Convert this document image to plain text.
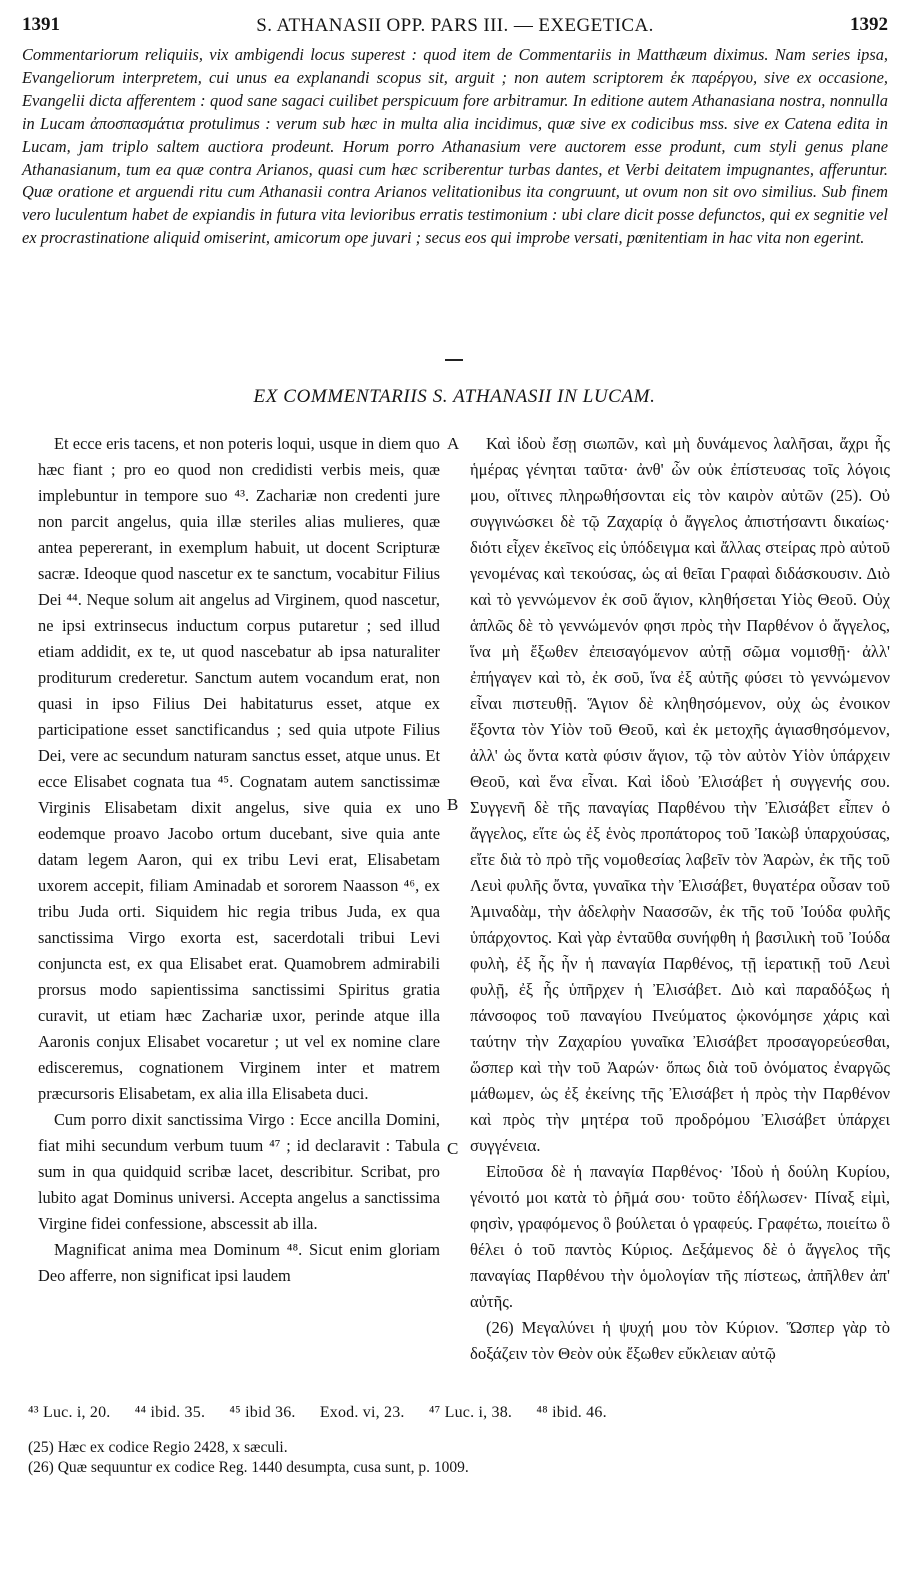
1391	S. ATHANASII OPP. PARS III. — EXEGETICA.	1392

Commentariorum reliquiis, vix ambigendi locus superest : quod item de Commentariis in Matthæum diximus. Nam series ipsa, Evangeliorum interpretem, cui unus ea explanandi scopus sit, arguit ; non autem scriptorem ἐκ παρέργου, sive ex occasione, Evangelii dicta afferentem : quod sane sagaci cuilibet perspicuum fore arbitramur. In editione autem Athanasiana nostra, nonnulla in Lucam ἀποσπασμάτια protulimus : verum sub hæc in multa alia incidimus, quæ sive ex codicibus mss. sive ex Catena edita in Lucam, jam triplo saltem auctiora prodeunt. Horum porro Athanasium vere auctorem esse produnt, cum styli genus plane Athanasianum, tum ea quæ contra Arianos, quasi cum hæc scriberentur turbas dantes, et Verbi deitatem impugnantes, afferuntur. Quæ oratione et arguendi ritu cum Athanasii contra Arianos velitationibus ita congruunt, ut ovum non sit ovo similius. Sub finem vero luculentum habet de expiandis in futura vita levioribus erratis testimonium : ubi clare dicit posse defunctos, qui ex segnitie vel ex procrastinatione aliquid omiserint, amicorum ope juvari ; secus eos qui improbe versati, pœnitentiam in hac vita non egerint.

EX COMMENTARIIS S. ATHANASII IN LUCAM.

Et ecce eris tacens, et non poteris loqui, usque in diem quo hæc fiant ; pro eo quod non credidisti verbis meis, quæ implebuntur in tempore suo ⁴³. Zachariæ non credenti jure non parcit angelus, quia illæ steriles alias mulieres, quæ antea pepererant, in exemplum habuit, ut docent Scripturæ sacræ. Ideoque quod nascetur ex te sanctum, vocabitur Filius Dei ⁴⁴. Neque solum ait angelus ad Virginem, quod nascetur, ne ipsi extrinsecus inductum corpus putaretur ; sed illud etiam addidit, ex te, ut quod nascebatur ab ipsa naturaliter proditurum crederetur. Sanctum autem vocandum erat, non quasi in ipso Filius Dei habitaturus esset, atque ex participatione esset sanctificandus ; sed quia utpote Filius Dei, vere ac secundum naturam sanctus esset, atque unus. Et ecce Elisabet cognata tua ⁴⁵. Cognatam autem sanctissimæ Virginis Elisabetam dixit angelus, sive quia ex uno eodemque proavo Jacobo ortum ducebant, sive quia ante datam legem Aaron, qui ex tribu Levi erat, Elisabetam uxorem accepit, filiam Aminadab et sororem Naasson ⁴⁶, ex tribu Juda orti. Siquidem hic regia tribus Juda, ex qua sanctissima Virgo exorta est, sacerdotali tribui Levi conjuncta est, ex qua Elisabet erat. Quamobrem admirabili prorsus modo sapientissima sanctissimi Spiritus gratia curavit, ut etiam hæc Zachariæ uxor, perinde atque illa Aaronis conjux Elisabet vocaretur ; ut vel ex nomine clare edisceremus, cognationem Virginem inter et matrem præcursoris Elisabetam, ex alia illa Elisabeta duci.

Cum porro dixit sanctissima Virgo : Ecce ancilla Domini, fiat mihi secundum verbum tuum ⁴⁷ ; id declaravit : Tabula sum in qua quidquid scribæ lacet, describitur. Scribat, pro lubito agat Dominus universi. Accepta angelus a sanctissima Virgine fidei confessione, abscessit ab illa.

Magnificat anima mea Dominum ⁴⁸. Sicut enim gloriam Deo afferre, non significat ipsi laudem

A
B
C

Καὶ ἰδοὺ ἔσῃ σιωπῶν, καὶ μὴ δυνάμενος λαλῆσαι, ἄχρι ἧς ἡμέρας γένηται ταῦτα· ἀνθ' ὧν οὐκ ἐπίστευσας τοῖς λόγοις μου, οἵτινες πληρωθήσονται εἰς τὸν καιρὸν αὐτῶν (25). Οὐ συγγινώσκει δὲ τῷ Ζαχαρίᾳ ὁ ἄγγελος ἀπιστήσαντι δικαίως· διότι εἶχεν ἐκεῖνος εἰς ὑπόδειγμα καὶ ἄλλας στείρας πρὸ αὐτοῦ γενομένας καὶ τεκούσας, ὡς αἱ θεῖαι Γραφαὶ διδάσκουσιν. Διὸ καὶ τὸ γεννώμενον ἐκ σοῦ ἅγιον, κληθήσεται Υἱὸς Θεοῦ. Οὐχ ἁπλῶς δὲ τὸ γεννώμενόν φησι πρὸς τὴν Παρθένον ὁ ἄγγελος, ἵνα μὴ ἔξωθεν ἐπεισαγόμενον αὐτῇ σῶμα νομισθῇ· ἀλλ' ἐπήγαγεν καὶ τὸ, ἐκ σοῦ, ἵνα ἐξ αὐτῆς φύσει τὸ γεννώμενον εἶναι πιστευθῇ. Ἅγιον δὲ κληθησόμενον, οὐχ ὡς ἐνοικον ἕξοντα τὸν Υἱὸν τοῦ Θεοῦ, καὶ ἐκ μετοχῆς ἁγιασθησόμενον, ἀλλ' ὡς ὄντα κατὰ φύσιν ἅγιον, τῷ τὸν αὐτὸν Υἱὸν ὑπάρχειν Θεοῦ, καὶ ἕνα εἶναι. Καὶ ἰδοὺ Ἐλισάβετ ἡ συγγενής σου. Συγγενῆ δὲ τῆς παναγίας Παρθένου τὴν Ἐλισάβετ εἶπεν ὁ ἄγγελος, εἴτε ὡς ἐξ ἑνὸς προπάτορος τοῦ Ἰακὼβ ὑπαρχούσας, εἴτε διὰ τὸ πρὸ τῆς νομοθεσίας λαβεῖν τὸν Ἀαρὼν, ἐκ τῆς τοῦ Λευὶ φυλῆς ὄντα, γυναῖκα τὴν Ἐλισάβετ, θυγατέρα οὖσαν τοῦ Ἀμιναδὰμ, τὴν ἀδελφὴν Ναασσῶν, ἐκ τῆς τοῦ Ἰούδα φυλῆς ὑπάρχοντος. Καὶ γὰρ ἐνταῦθα συνήφθη ἡ βασιλικὴ τοῦ Ἰούδα φυλὴ, ἐξ ἧς ἦν ἡ παναγία Παρθένος, τῇ ἱερατικῇ τοῦ Λευὶ φυλῇ, ἐξ ἧς ὑπῆρχεν ἡ Ἐλισάβετ. Διὸ καὶ παραδόξως ἡ πάνσοφος τοῦ παναγίου Πνεύματος ᾠκονόμησε χάρις καὶ ταύτην τὴν Ζαχαρίου γυναῖκα Ἐλισάβετ προσαγορεύεσθαι, ὥσπερ καὶ τὴν τοῦ Ἀαρών· ὅπως διὰ τοῦ ὀνόματος ἐναργῶς μάθωμεν, ὡς ἐξ ἐκείνης τῆς Ἐλισάβετ ἡ πρὸς τὴν Παρθένον καὶ πρὸς τὴν μητέρα τοῦ προδρόμου Ἐλισάβετ ὑπάρχει συγγένεια.

Εἰποῦσα δὲ ἡ παναγία Παρθένος· Ἰδοὺ ἡ δούλη Κυρίου, γένοιτό μοι κατὰ τὸ ῥῆμά σου· τοῦτο ἐδήλωσεν· Πίναξ εἰμὶ, φησὶν, γραφόμενος ὃ βούλεται ὁ γραφεύς. Γραφέτω, ποιείτω ὃ θέλει ὁ τοῦ παντὸς Κύριος. Δεξάμενος δὲ ὁ ἄγγελος τῆς παναγίας Παρθένου τὴν ὁμολογίαν τῆς πίστεως, ἀπῆλθεν ἀπ' αὐτῆς.

(26) Μεγαλύνει ἡ ψυχή μου τὸν Κύριον. Ὥσπερ γὰρ τὸ δοξάζειν τὸν Θεὸν οὐκ ἔξωθεν εὔκλειαν αὐτῷ

⁴³ Luc. i, 20. ⁴⁴ ibid. 35. ⁴⁵ ibid 36. Exod. vi, 23. ⁴⁷ Luc. i, 38. ⁴⁸ ibid. 46.
(25) Hæc ex codice Regio 2428, x sæculi.
(26) Quæ sequuntur ex codice Reg. 1440 desumpta, cusa sunt, p. 1009.
